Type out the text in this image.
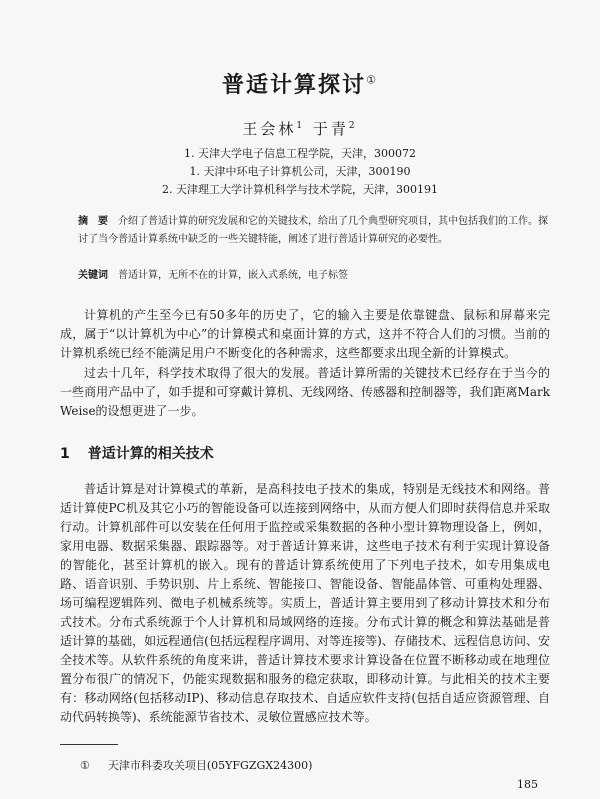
普适计算探讨①
王会林$^1$ 于青$^2$
1. 天津大学电子信息工程学院，天津，300072
1. 天津中环电子计算机公司，天津，300190
2. 天津理工大学计算机科学与技术学院，天津，300191
摘　要 介绍了普适计算的研究发展和它的关键技术，给出了几个典型研究项目，其中包括我们的工作。探讨了当今普适计算系统中缺乏的一些关键特能，阐述了进行普适计算研究的必要性。
关键词 普适计算，无所不在的计算，嵌入式系统，电子标签

计算机的产生至今已有50多年的历史了，它的输入主要是依靠键盘、鼠标和屏幕来完成，属于“以计算机为中心”的计算模式和桌面计算的方式，这并不符合人们的习惯。当前的计算机系统已经不能满足用户不断变化的各种需求，这些都要求出现全新的计算模式。

过去十几年，科学技术取得了很大的发展。普适计算所需的关键技术已经存在于当今的一些商用产品中了，如手提和可穿戴计算机、无线网络、传感器和控制器等，我们距离Mark Weise的设想更进了一步。

1 普适计算的相关技术

普适计算是对计算模式的革新，是高科技电子技术的集成，特别是无线技术和网络。普适计算使PC机及其它小巧的智能设备可以连接到网络中，从而方便人们即时获得信息并采取行动。计算机部件可以安装在任何用于监控或采集数据的各种小型计算物理设备上，例如，家用电器、数据采集器、跟踪器等。对于普适计算来讲，这些电子技术有利于实现计算设备的智能化，甚至计算机的嵌入。现有的普适计算系统使用了下列电子技术，如专用集成电路、语音识别、手势识别、片上系统、智能接口、智能设备、智能晶体管、可重构处理器、场可编程逻辑阵列、微电子机械系统等。实质上，普适计算主要用到了移动计算技术和分布式技术。分布式系统源于个人计算机和局域网络的连接。分布式计算的概念和算法基础是普适计算的基础，如远程通信(包括远程程序调用、对等连接等)、存储技术、远程信息访问、安全技术等。从软件系统的角度来讲，普适计算技术要求计算设备在位置不断移动或在地理位置分布很广的情况下，仍能实现数据和服务的稳定获取，即移动计算。与此相关的技术主要有：移动网络(包括移动IP)、移动信息存取技术、自适应软件支持(包括自适应资源管理、自动代码转换等)、系统能源节省技术、灵敏位置感应技术等。

① 天津市科委攻关项目(05YFGZGX24300)
185
